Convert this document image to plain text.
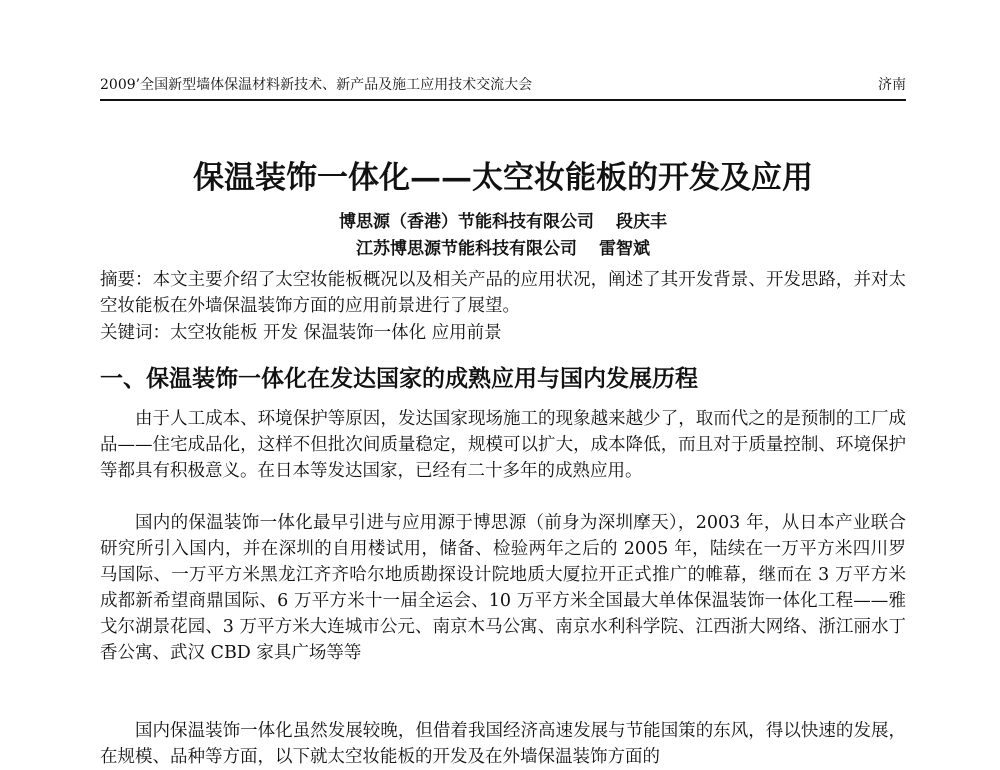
2009’全国新型墙体保温材料新技术、新产品及施工应用技术交流大会	济南
保温装饰一体化——太空妆能板的开发及应用
博思源（香港）节能科技有限公司 段庆丰
江苏博思源节能科技有限公司 雷智斌
摘要：本文主要介绍了太空妆能板概况以及相关产品的应用状况，阐述了其开发背景、开发思路，并对太空妆能板在外墙保温装饰方面的应用前景进行了展望。
关键词：太空妆能板 开发 保温装饰一体化 应用前景
一、保温装饰一体化在发达国家的成熟应用与国内发展历程
由于人工成本、环境保护等原因，发达国家现场施工的现象越来越少了，取而代之的是预制的工厂成品——住宅成品化，这样不但批次间质量稳定，规模可以扩大，成本降低，而且对于质量控制、环境保护等都具有积极意义。在日本等发达国家，已经有二十多年的成熟应用。
国内的保温装饰一体化最早引进与应用源于博思源（前身为深圳摩天），2003 年，从日本产业联合研究所引入国内，并在深圳的自用楼试用，储备、检验两年之后的 2005 年，陆续在一万平方米四川罗马国际、一万平方米黑龙江齐齐哈尔地质勘探设计院地质大厦拉开正式推广的帷幕，继而在 3 万平方米成都新希望商鼎国际、6 万平方米十一届全运会、10 万平方米全国最大单体保温装饰一体化工程——雅戈尔湖景花园、3 万平方米大连城市公元、南京木马公寓、南京水利科学院、江西浙大网络、浙江丽水丁香公寓、武汉 CBD 家具广场等等
国内保温装饰一体化虽然发展较晚，但借着我国经济高速发展与节能国策的东风，得以快速的发展，在规模、品种等方面，以下就太空妆能板的开发及在外墙保温装饰方面的
